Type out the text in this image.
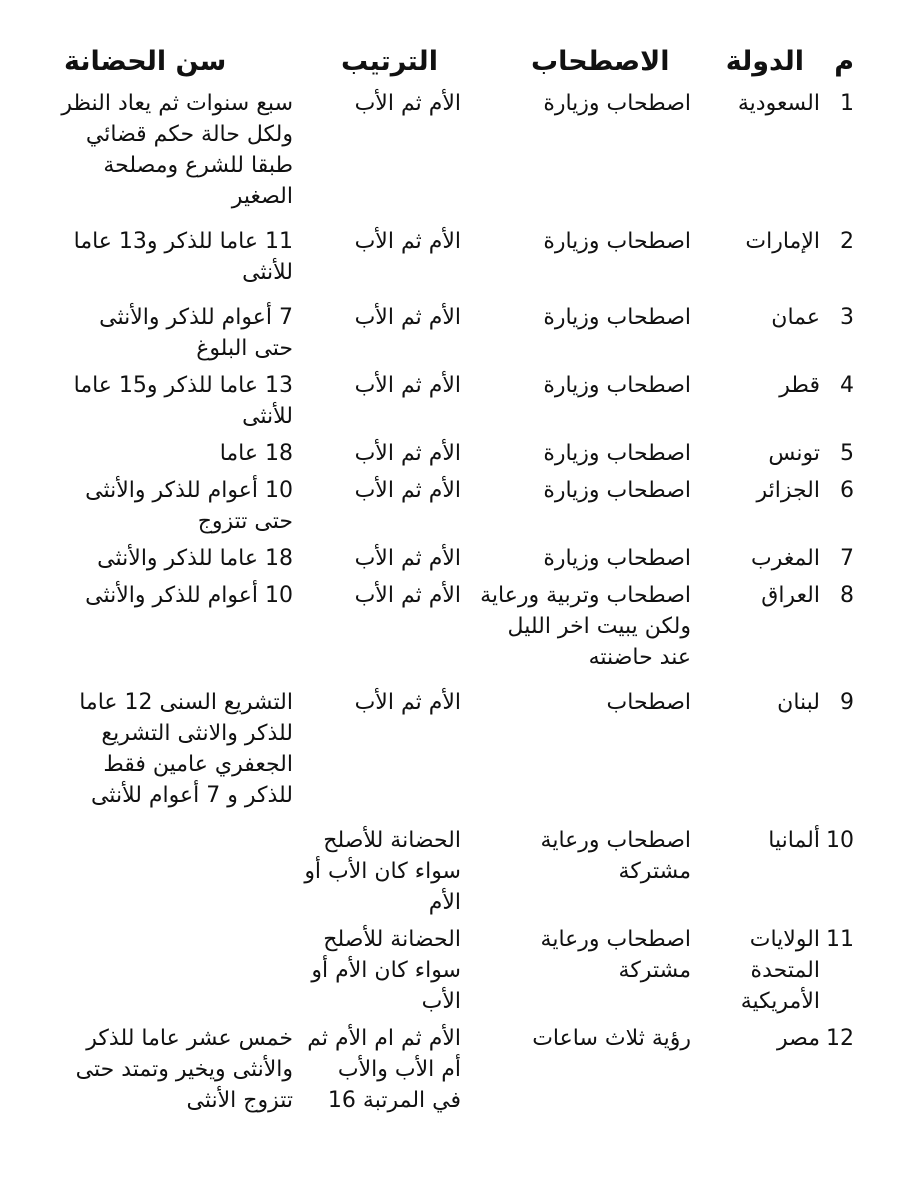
م	الدولة	الاصطحاب	الترتيب	سن الحضانة
1	السعودية	اصطحاب وزيارة	الأم ثم الأب	سبع سنوات ثم يعاد النظر ولكل حالة حكم قضائي طبقا للشرع ومصلحة الصغير
2	الإمارات	اصطحاب وزيارة	الأم ثم الأب	11 عاما للذكر و13 عاما للأنثى
3	عمان	اصطحاب وزيارة	الأم ثم الأب	7 أعوام للذكر والأنثى حتى البلوغ
4	قطر	اصطحاب وزيارة	الأم ثم الأب	13 عاما للذكر و15 عاما للأنثى
5	تونس	اصطحاب وزيارة	الأم ثم الأب	18 عاما
6	الجزائر	اصطحاب وزيارة	الأم ثم الأب	10 أعوام للذكر والأنثى حتى تتزوج
7	المغرب	اصطحاب وزيارة	الأم ثم الأب	18 عاما للذكر والأنثى
8	العراق	اصطحاب وتربية ورعاية ولكن يبيت اخر الليل عند حاضنته	الأم ثم الأب	10 أعوام للذكر والأنثى
9	لبنان	اصطحاب	الأم ثم الأب	التشريع السنى 12 عاما للذكر والانثى التشريع الجعفري عامين فقط للذكر و 7 أعوام للأنثى
10	ألمانيا	اصطحاب ورعاية مشتركة	الحضانة للأصلح سواء كان الأب أو الأم	
11	الولايات المتحدة الأمريكية	اصطحاب ورعاية مشتركة	الحضانة للأصلح سواء كان الأم أو الأب	
12	مصر	رؤية ثلاث ساعات	الأم ثم ام الأم ثم أم الأب والأب في المرتبة 16	خمس عشر عاما للذكر والأنثى ويخير وتمتد حتى تتزوج الأنثى
